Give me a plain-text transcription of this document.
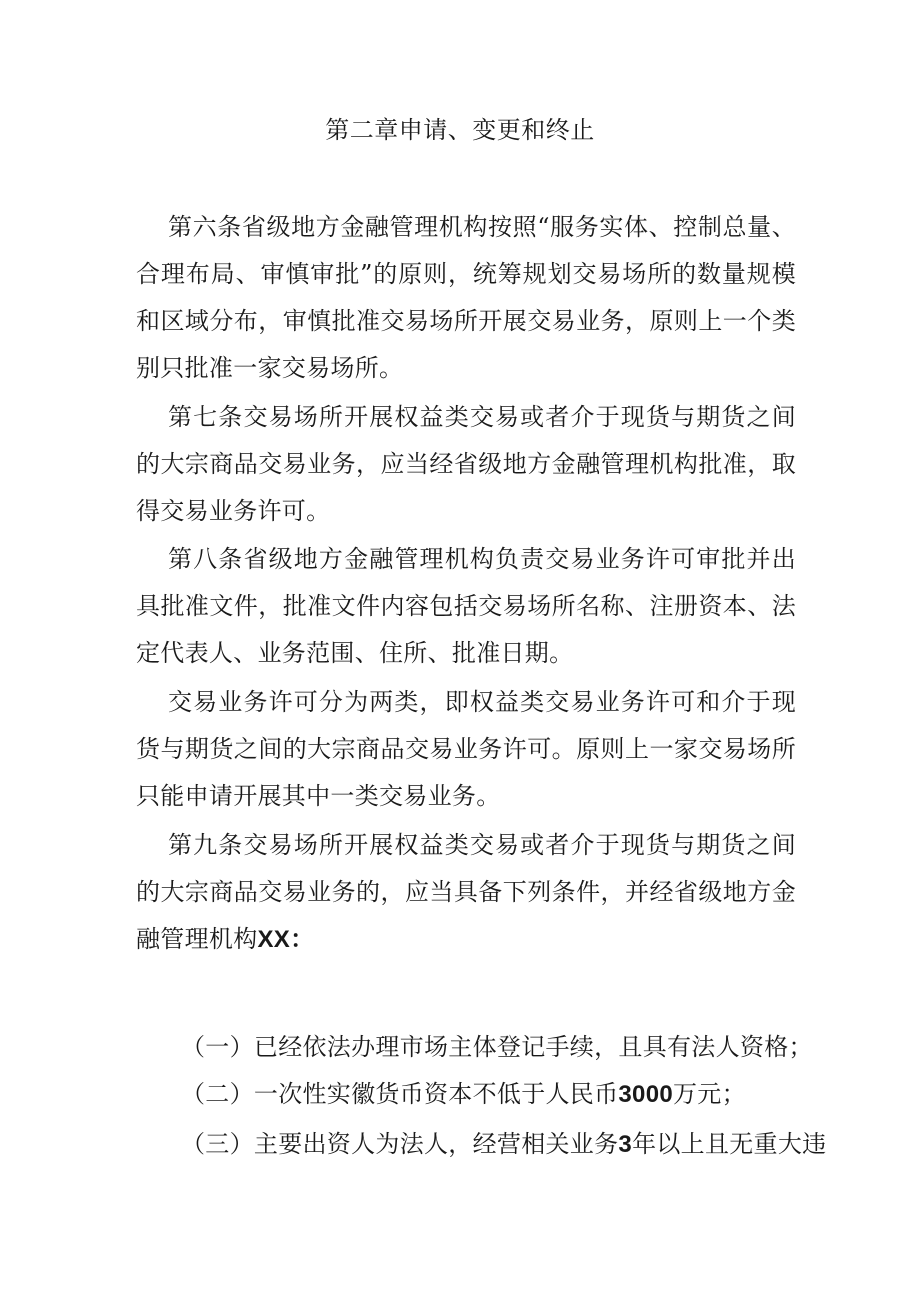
第二章申请、变更和终止

第六条省级地方金融管理机构按照“服务实体、控制总量、合理布局、审慎审批”的原则，统筹规划交易场所的数量规模和区域分布，审慎批准交易场所开展交易业务，原则上一个类别只批准一家交易场所。

第七条交易场所开展权益类交易或者介于现货与期货之间的大宗商品交易业务，应当经省级地方金融管理机构批准，取得交易业务许可。

第八条省级地方金融管理机构负责交易业务许可审批并出具批准文件，批准文件内容包括交易场所名称、注册资本、法定代表人、业务范围、住所、批准日期。

交易业务许可分为两类，即权益类交易业务许可和介于现货与期货之间的大宗商品交易业务许可。原则上一家交易场所只能申请开展其中一类交易业务。

第九条交易场所开展权益类交易或者介于现货与期货之间的大宗商品交易业务的，应当具备下列条件，并经省级地方金融管理机构XX：

（一）已经依法办理市场主体登记手续，且具有法人资格；

（二）一次性实徽货币资本不低于人民币3000万元；

（三）主要出资人为法人，经营相关业务3年以上且无重大违
